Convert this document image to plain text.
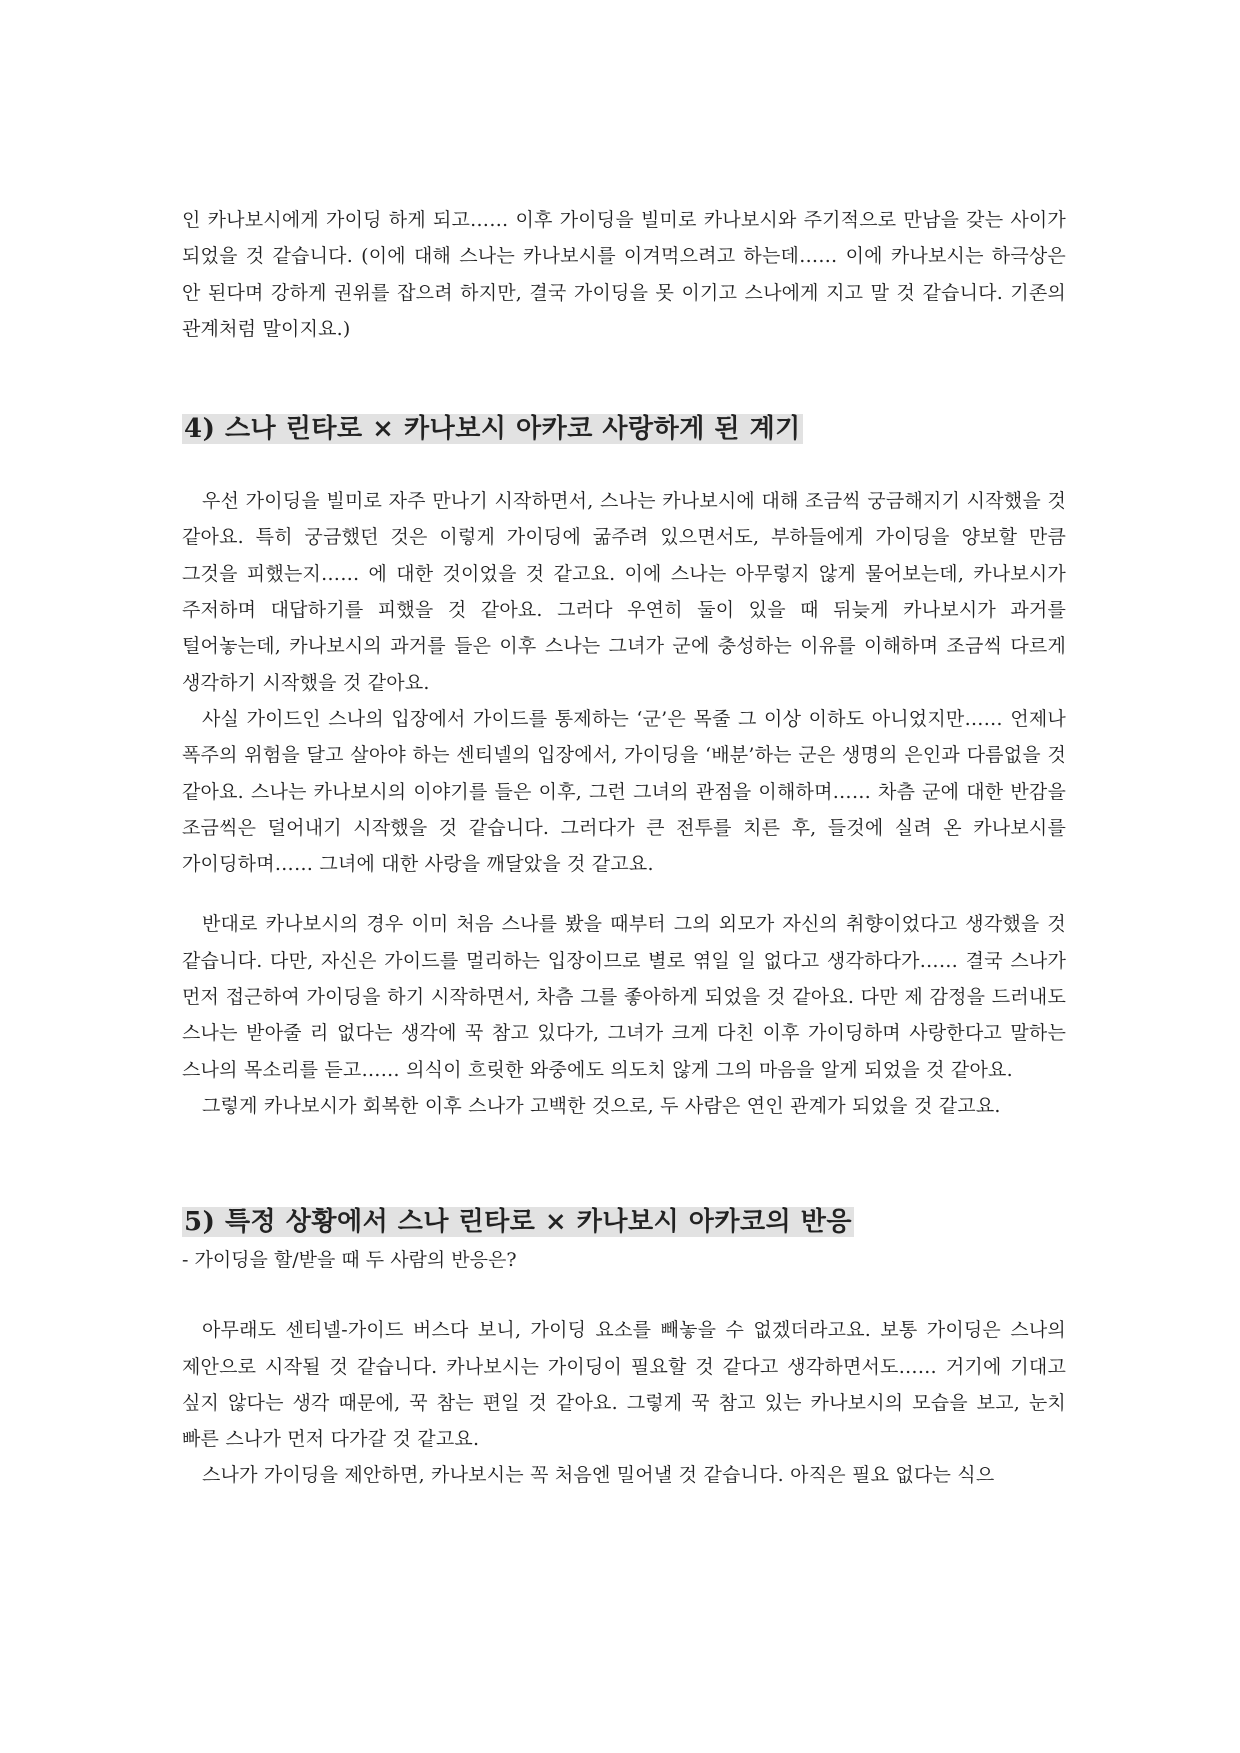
인 카나보시에게 가이딩 하게 되고…… 이후 가이딩을 빌미로 카나보시와 주기적으로 만남을 갖는 사이가 되었을 것 같습니다. (이에 대해 스나는 카나보시를 이겨먹으려고 하는데…… 이에 카나보시는 하극상은 안 된다며 강하게 권위를 잡으려 하지만, 결국 가이딩을 못 이기고 스나에게 지고 말 것 같습니다. 기존의 관계처럼 말이지요.)

4) 스나 린타로 × 카나보시 아카코 사랑하게 된 계기

우선 가이딩을 빌미로 자주 만나기 시작하면서, 스나는 카나보시에 대해 조금씩 궁금해지기 시작했을 것 같아요. 특히 궁금했던 것은 이렇게 가이딩에 굶주려 있으면서도, 부하들에게 가이딩을 양보할 만큼 그것을 피했는지…… 에 대한 것이었을 것 같고요. 이에 스나는 아무렇지 않게 물어보는데, 카나보시가 주저하며 대답하기를 피했을 것 같아요. 그러다 우연히 둘이 있을 때 뒤늦게 카나보시가 과거를 털어놓는데, 카나보시의 과거를 들은 이후 스나는 그녀가 군에 충성하는 이유를 이해하며 조금씩 다르게 생각하기 시작했을 것 같아요.

사실 가이드인 스나의 입장에서 가이드를 통제하는 ‘군’은 목줄 그 이상 이하도 아니었지만…… 언제나 폭주의 위험을 달고 살아야 하는 센티넬의 입장에서, 가이딩을 ‘배분’하는 군은 생명의 은인과 다름없을 것 같아요. 스나는 카나보시의 이야기를 들은 이후, 그런 그녀의 관점을 이해하며…… 차츰 군에 대한 반감을 조금씩은 덜어내기 시작했을 것 같습니다. 그러다가 큰 전투를 치른 후, 들것에 실려 온 카나보시를 가이딩하며…… 그녀에 대한 사랑을 깨달았을 것 같고요.

반대로 카나보시의 경우 이미 처음 스나를 봤을 때부터 그의 외모가 자신의 취향이었다고 생각했을 것 같습니다. 다만, 자신은 가이드를 멀리하는 입장이므로 별로 엮일 일 없다고 생각하다가…… 결국 스나가 먼저 접근하여 가이딩을 하기 시작하면서, 차츰 그를 좋아하게 되었을 것 같아요. 다만 제 감정을 드러내도 스나는 받아줄 리 없다는 생각에 꾹 참고 있다가, 그녀가 크게 다친 이후 가이딩하며 사랑한다고 말하는 스나의 목소리를 듣고…… 의식이 흐릿한 와중에도 의도치 않게 그의 마음을 알게 되었을 것 같아요.

그렇게 카나보시가 회복한 이후 스나가 고백한 것으로, 두 사람은 연인 관계가 되었을 것 같고요.

5) 특정 상황에서 스나 린타로 × 카나보시 아카코의 반응

- 가이딩을 할/받을 때 두 사람의 반응은?

아무래도 센티넬-가이드 버스다 보니, 가이딩 요소를 빼놓을 수 없겠더라고요. 보통 가이딩은 스나의 제안으로 시작될 것 같습니다. 카나보시는 가이딩이 필요할 것 같다고 생각하면서도…… 거기에 기대고 싶지 않다는 생각 때문에, 꾹 참는 편일 것 같아요. 그렇게 꾹 참고 있는 카나보시의 모습을 보고, 눈치 빠른 스나가 먼저 다가갈 것 같고요.

스나가 가이딩을 제안하면, 카나보시는 꼭 처음엔 밀어낼 것 같습니다. 아직은 필요 없다는 식으
